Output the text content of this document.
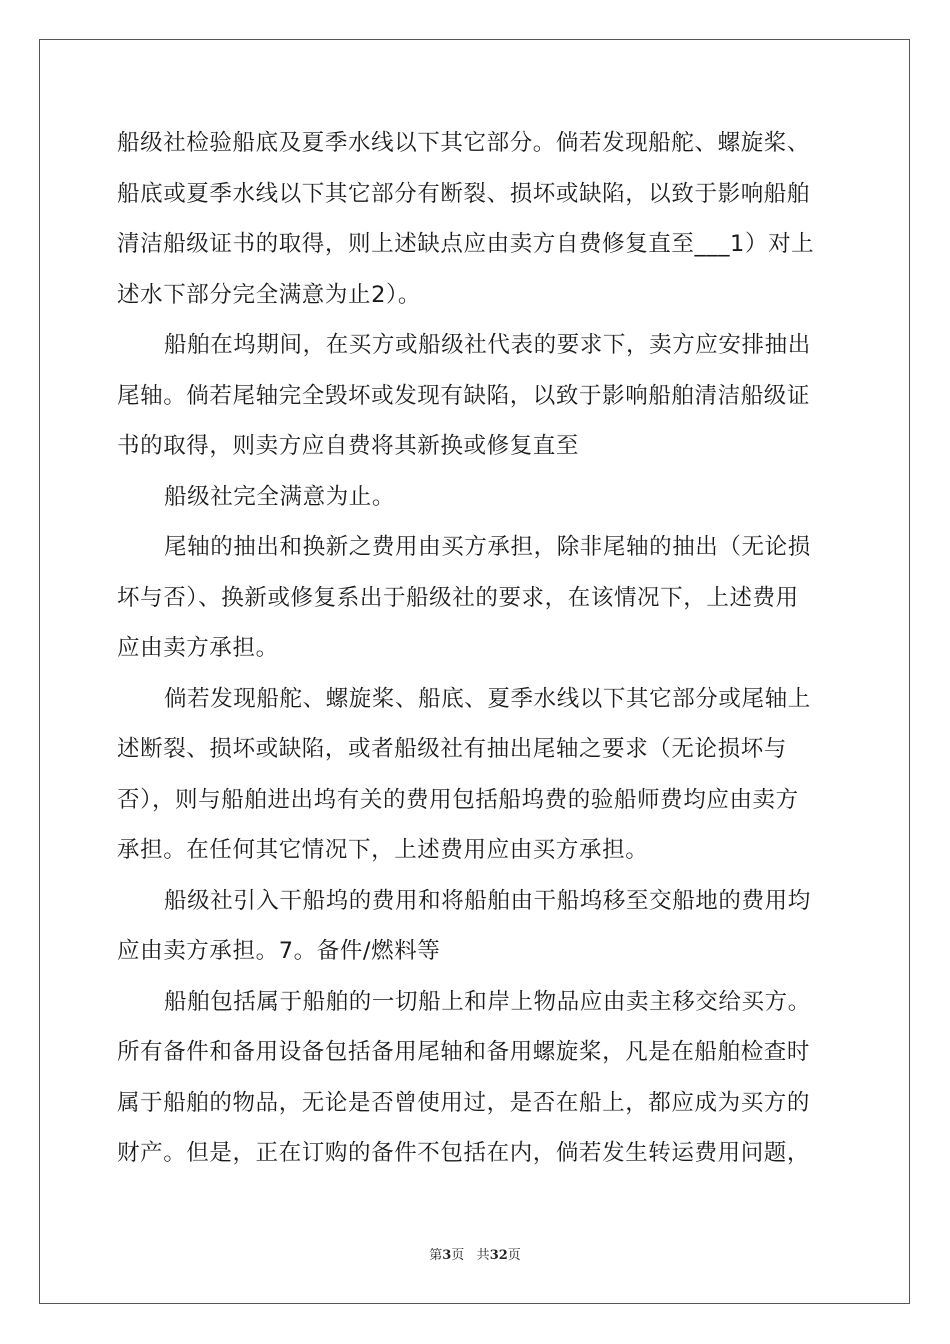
船级社检验船底及夏季水线以下其它部分。倘若发现船舵、螺旋桨、
船底或夏季水线以下其它部分有断裂、损坏或缺陷，以致于影响船舶
清洁船级证书的取得，则上述缺点应由卖方自费修复直至___1）对上
述水下部分完全满意为止2）。
船舶在坞期间，在买方或船级社代表的要求下，卖方应安排抽出
尾轴。倘若尾轴完全毁坏或发现有缺陷，以致于影响船舶清洁船级证
书的取得，则卖方应自费将其新换或修复直至
船级社完全满意为止。
尾轴的抽出和换新之费用由买方承担，除非尾轴的抽出（无论损
坏与否）、换新或修复系出于船级社的要求，在该情况下，上述费用
应由卖方承担。
倘若发现船舵、螺旋桨、船底、夏季水线以下其它部分或尾轴上
述断裂、损坏或缺陷，或者船级社有抽出尾轴之要求（无论损坏与
否），则与船舶进出坞有关的费用包括船坞费的验船师费均应由卖方
承担。在任何其它情况下，上述费用应由买方承担。
船级社引入干船坞的费用和将船舶由干船坞移至交船地的费用均
应由卖方承担。7。备件/燃料等
船舶包括属于船舶的一切船上和岸上物品应由卖主移交给买方。
所有备件和备用设备包括备用尾轴和备用螺旋桨，凡是在船舶检查时
属于船舶的物品，无论是否曾使用过，是否在船上，都应成为买方的
财产。但是，正在订购的备件不包括在内，倘若发生转运费用问题，
第3页 共32页
